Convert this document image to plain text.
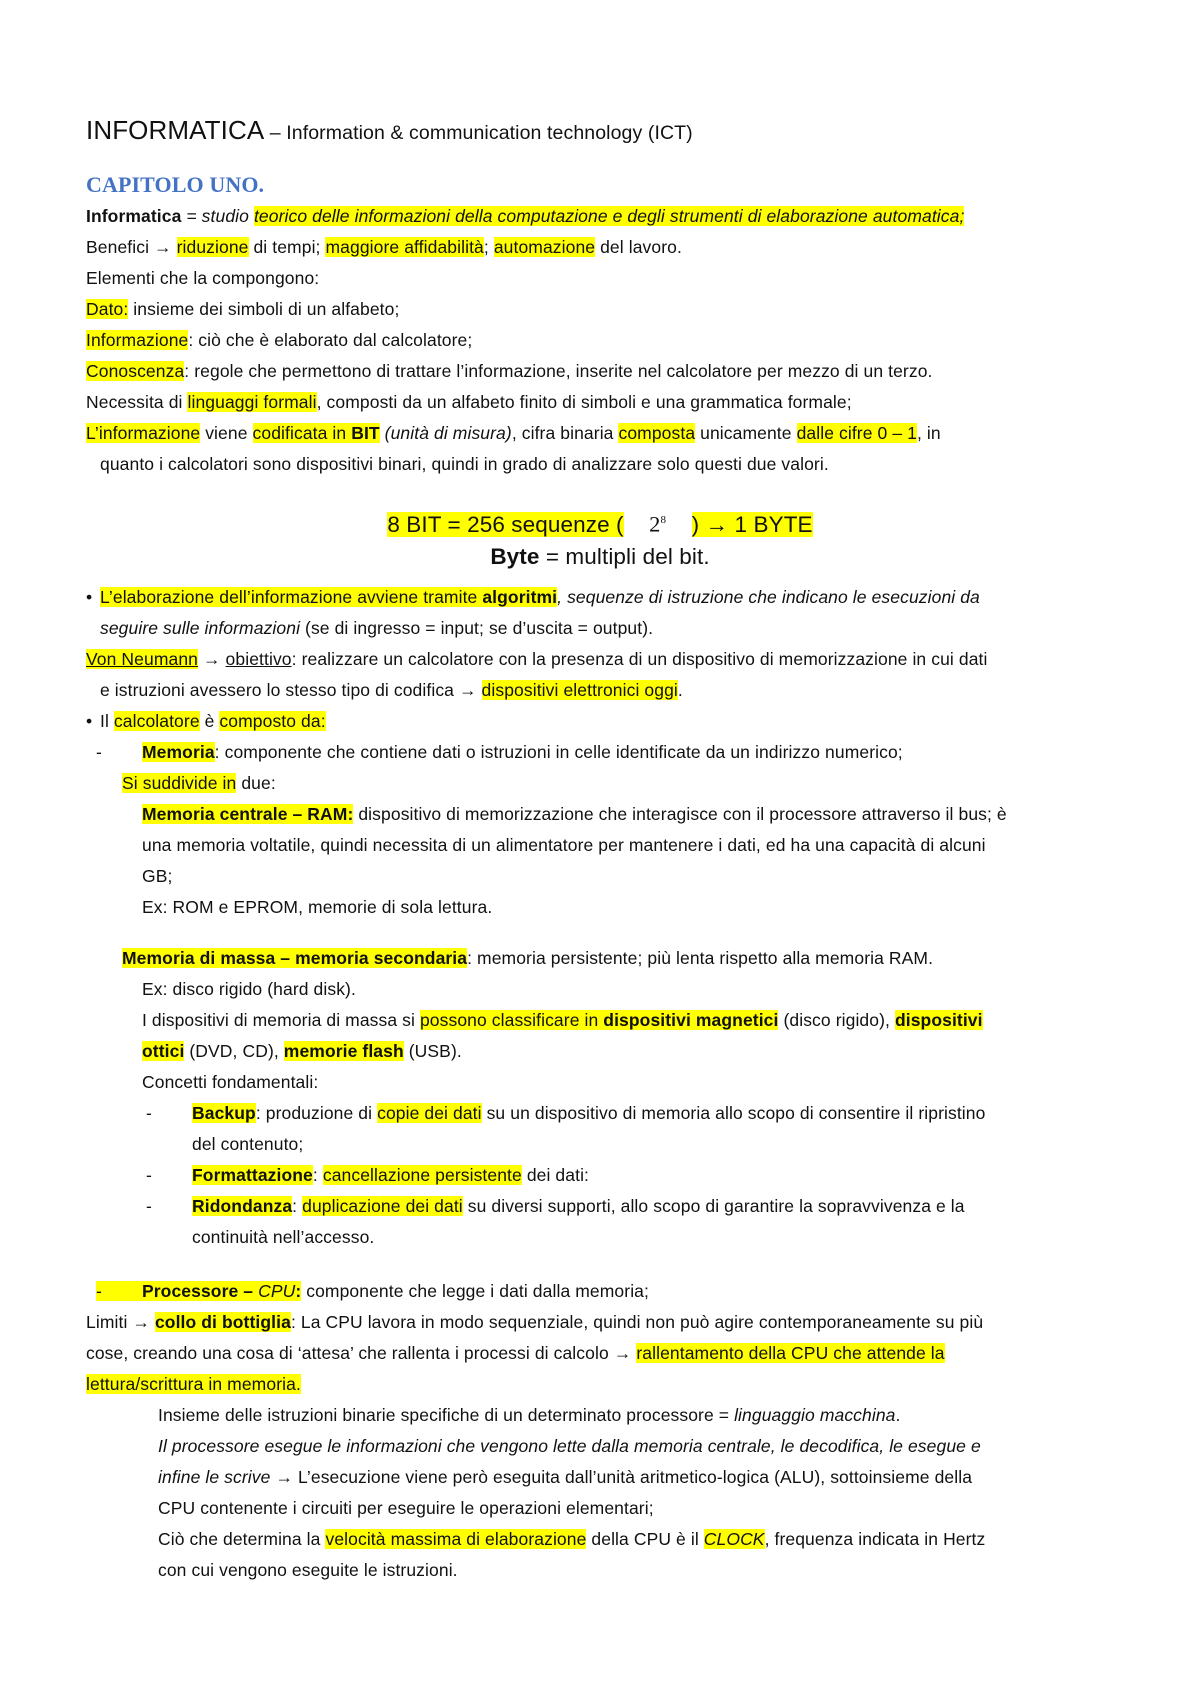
INFORMATICA – Information & communication technology (ICT)
CAPITOLO UNO.
Informatica = studio teorico delle informazioni della computazione e degli strumenti di elaborazione automatica;
Benefici → riduzione di tempi; maggiore affidabilità; automazione del lavoro.
Elementi che la compongono:
Dato: insieme dei simboli di un alfabeto;
Informazione: ciò che è elaborato dal calcolatore;
Conoscenza: regole che permettono di trattare l’informazione, inserite nel calcolatore per mezzo di un terzo.
Necessita di linguaggi formali, composti da un alfabeto finito di simboli e una grammatica formale;
L’informazione viene codificata in BIT (unità di misura), cifra binaria composta unicamente dalle cifre 0 – 1, in
quanto i calcolatori sono dispositivi binari, quindi in grado di analizzare solo questi due valori.
8 BIT = 256 sequenze ( $2^8$ ) → 1 BYTE
Byte = multipli del bit.
• L’elaborazione dell’informazione avviene tramite algoritmi, sequenze di istruzione che indicano le esecuzioni da
seguire sulle informazioni (se di ingresso = input; se d’uscita = output).
Von Neumann → obiettivo: realizzare un calcolatore con la presenza di un dispositivo di memorizzazione in cui dati
e istruzioni avessero lo stesso tipo di codifica → dispositivi elettronici oggi.
• Il calcolatore è composto da:
- Memoria: componente che contiene dati o istruzioni in celle identificate da un indirizzo numerico;
Si suddivide in due:
Memoria centrale – RAM: dispositivo di memorizzazione che interagisce con il processore attraverso il bus; è
una memoria voltatile, quindi necessita di un alimentatore per mantenere i dati, ed ha una capacità di alcuni
GB;
Ex: ROM e EPROM, memorie di sola lettura.
Memoria di massa – memoria secondaria: memoria persistente; più lenta rispetto alla memoria RAM.
Ex: disco rigido (hard disk).
I dispositivi di memoria di massa si possono classificare in dispositivi magnetici (disco rigido), dispositivi
ottici (DVD, CD), memorie flash (USB).
Concetti fondamentali:
- Backup: produzione di copie dei dati su un dispositivo di memoria allo scopo di consentire il ripristino
del contenuto;
- Formattazione: cancellazione persistente dei dati:
- Ridondanza: duplicazione dei dati su diversi supporti, allo scopo di garantire la sopravvivenza e la
continuità nell’accesso.
- Processore – CPU: componente che legge i dati dalla memoria;
Limiti → collo di bottiglia: La CPU lavora in modo sequenziale, quindi non può agire contemporaneamente su più
cose, creando una cosa di ‘attesa’ che rallenta i processi di calcolo → rallentamento della CPU che attende la
lettura/scrittura in memoria.
Insieme delle istruzioni binarie specifiche di un determinato processore = linguaggio macchina.
Il processore esegue le informazioni che vengono lette dalla memoria centrale, le decodifica, le esegue e
infine le scrive → L’esecuzione viene però eseguita dall’unità aritmetico-logica (ALU), sottoinsieme della
CPU contenente i circuiti per eseguire le operazioni elementari;
Ciò che determina la velocità massima di elaborazione della CPU è il CLOCK, frequenza indicata in Hertz
con cui vengono eseguite le istruzioni.
